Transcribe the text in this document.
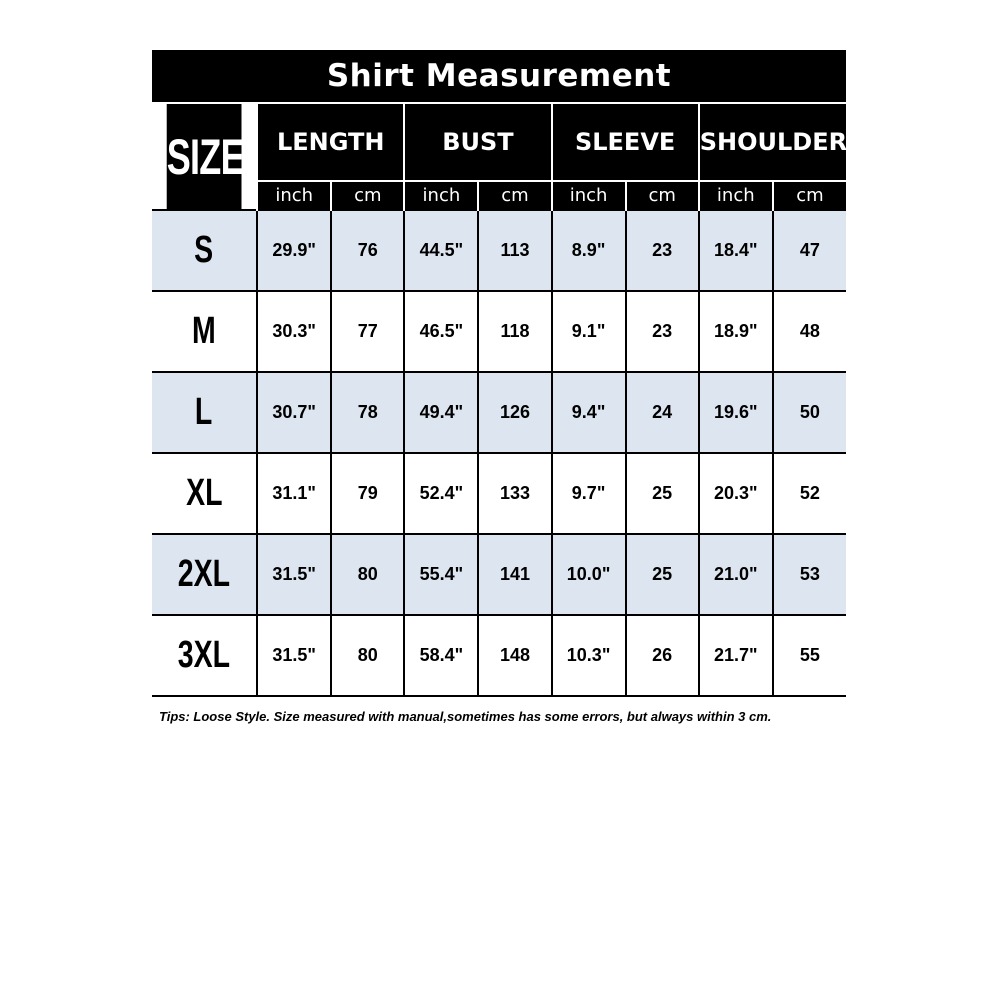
Shirt Measurement
SIZE	LENGTH		BUST		SLEEVE		SHOULDER	
	inch	cm	inch	cm	inch	cm	inch	cm
S	29.9"	76	44.5"	113	8.9"	23	18.4"	47
M	30.3"	77	46.5"	118	9.1"	23	18.9"	48
L	30.7"	78	49.4"	126	9.4"	24	19.6"	50
XL	31.1"	79	52.4"	133	9.7"	25	20.3"	52
2XL	31.5"	80	55.4"	141	10.0"	25	21.0"	53
3XL	31.5"	80	58.4"	148	10.3"	26	21.7"	55
Tips: Loose Style. Size measured with manual,sometimes has some errors, but always within 3 cm.
